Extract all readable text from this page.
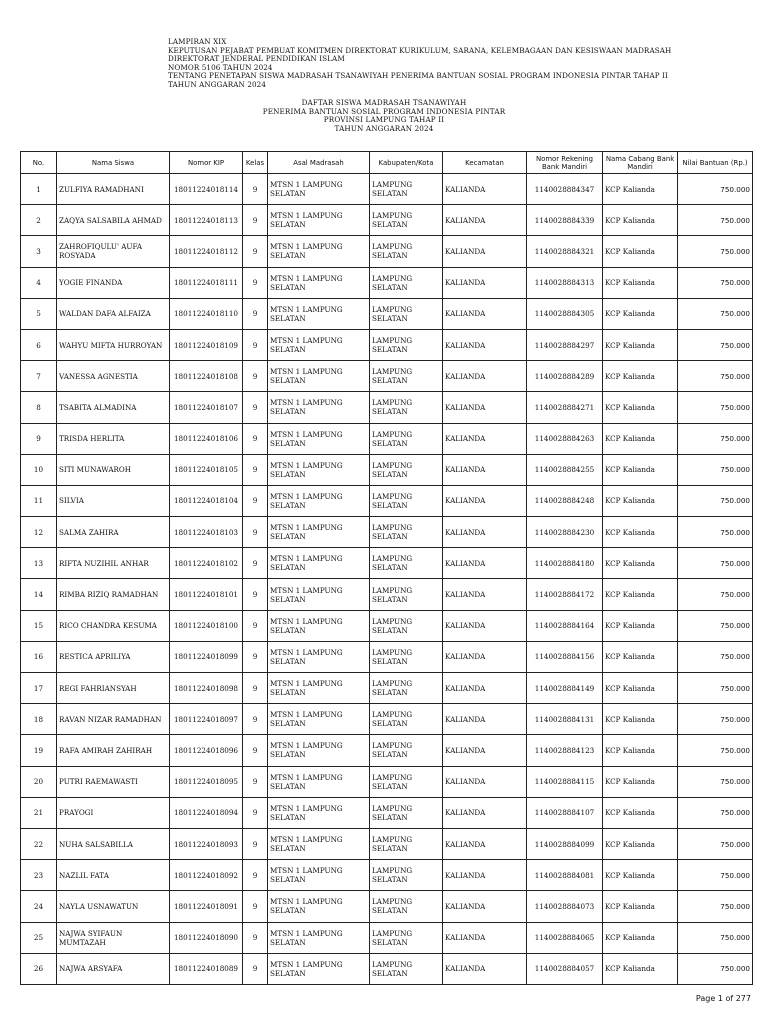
LAMPIRAN XIX
KEPUTUSAN PEJABAT PEMBUAT KOMITMEN DIREKTORAT KURIKULUM, SARANA, KELEMBAGAAN DAN KESISWAAN MADRASAH
DIREKTORAT JENDERAL PENDIDIKAN ISLAM
NOMOR 5106 TAHUN 2024
TENTANG PENETAPAN SISWA MADRASAH TSANAWIYAH PENERIMA BANTUAN SOSIAL PROGRAM INDONESIA PINTAR TAHAP II
TAHUN ANGGARAN 2024
DAFTAR SISWA MADRASAH TSANAWIYAH
PENERIMA BANTUAN SOSIAL PROGRAM INDONESIA PINTAR
PROVINSI LAMPUNG TAHAP II
TAHUN ANGGARAN 2024
No.	Nama Siswa	Nomor KIP	Kelas	Asal Madrasah	Kabupaten/Kota	Kecamatan	Nomor Rekening Bank Mandiri	Nama Cabang Bank Mandiri	Nilai Bantuan (Rp.)
1	ZULFIYA RAMADHANI	18011224018114	9	MTSN 1 LAMPUNG SELATAN	LAMPUNG SELATAN	KALIANDA	1140028884347	KCP Kalianda	750.000
2	ZAQYA SALSABILA AHMAD	18011224018113	9	MTSN 1 LAMPUNG SELATAN	LAMPUNG SELATAN	KALIANDA	1140028884339	KCP Kalianda	750.000
3	ZAHROFIQULU' AUFA ROSYADA	18011224018112	9	MTSN 1 LAMPUNG SELATAN	LAMPUNG SELATAN	KALIANDA	1140028884321	KCP Kalianda	750.000
4	YOGIE FINANDA	18011224018111	9	MTSN 1 LAMPUNG SELATAN	LAMPUNG SELATAN	KALIANDA	1140028884313	KCP Kalianda	750.000
5	WALDAN DAFA ALFAIZA	18011224018110	9	MTSN 1 LAMPUNG SELATAN	LAMPUNG SELATAN	KALIANDA	1140028884305	KCP Kalianda	750.000
6	WAHYU MIFTA HURROYAN	18011224018109	9	MTSN 1 LAMPUNG SELATAN	LAMPUNG SELATAN	KALIANDA	1140028884297	KCP Kalianda	750.000
7	VANESSA AGNESTIA	18011224018108	9	MTSN 1 LAMPUNG SELATAN	LAMPUNG SELATAN	KALIANDA	1140028884289	KCP Kalianda	750.000
8	TSABITA ALMADINA	18011224018107	9	MTSN 1 LAMPUNG SELATAN	LAMPUNG SELATAN	KALIANDA	1140028884271	KCP Kalianda	750.000
9	TRISDA HERLITA	18011224018106	9	MTSN 1 LAMPUNG SELATAN	LAMPUNG SELATAN	KALIANDA	1140028884263	KCP Kalianda	750.000
10	SITI MUNAWAROH	18011224018105	9	MTSN 1 LAMPUNG SELATAN	LAMPUNG SELATAN	KALIANDA	1140028884255	KCP Kalianda	750.000
11	SILVIA	18011224018104	9	MTSN 1 LAMPUNG SELATAN	LAMPUNG SELATAN	KALIANDA	1140028884248	KCP Kalianda	750.000
12	SALMA ZAHIRA	18011224018103	9	MTSN 1 LAMPUNG SELATAN	LAMPUNG SELATAN	KALIANDA	1140028884230	KCP Kalianda	750.000
13	RIFTA NUZIHIL ANHAR	18011224018102	9	MTSN 1 LAMPUNG SELATAN	LAMPUNG SELATAN	KALIANDA	1140028884180	KCP Kalianda	750.000
14	RIMBA RIZIQ RAMADHAN	18011224018101	9	MTSN 1 LAMPUNG SELATAN	LAMPUNG SELATAN	KALIANDA	1140028884172	KCP Kalianda	750.000
15	RICO CHANDRA KESUMA	18011224018100	9	MTSN 1 LAMPUNG SELATAN	LAMPUNG SELATAN	KALIANDA	1140028884164	KCP Kalianda	750.000
16	RESTICA APRILIYA	18011224018099	9	MTSN 1 LAMPUNG SELATAN	LAMPUNG SELATAN	KALIANDA	1140028884156	KCP Kalianda	750.000
17	REGI FAHRIANSYAH	18011224018098	9	MTSN 1 LAMPUNG SELATAN	LAMPUNG SELATAN	KALIANDA	1140028884149	KCP Kalianda	750.000
18	RAVAN NIZAR RAMADHAN	18011224018097	9	MTSN 1 LAMPUNG SELATAN	LAMPUNG SELATAN	KALIANDA	1140028884131	KCP Kalianda	750.000
19	RAFA AMIRAH ZAHIRAH	18011224018096	9	MTSN 1 LAMPUNG SELATAN	LAMPUNG SELATAN	KALIANDA	1140028884123	KCP Kalianda	750.000
20	PUTRI RAEMAWASTI	18011224018095	9	MTSN 1 LAMPUNG SELATAN	LAMPUNG SELATAN	KALIANDA	1140028884115	KCP Kalianda	750.000
21	PRAYOGI	18011224018094	9	MTSN 1 LAMPUNG SELATAN	LAMPUNG SELATAN	KALIANDA	1140028884107	KCP Kalianda	750.000
22	NUHA SALSABILLA	18011224018093	9	MTSN 1 LAMPUNG SELATAN	LAMPUNG SELATAN	KALIANDA	1140028884099	KCP Kalianda	750.000
23	NAZLIL FATA	18011224018092	9	MTSN 1 LAMPUNG SELATAN	LAMPUNG SELATAN	KALIANDA	1140028884081	KCP Kalianda	750.000
24	NAYLA USNAWATUN	18011224018091	9	MTSN 1 LAMPUNG SELATAN	LAMPUNG SELATAN	KALIANDA	1140028884073	KCP Kalianda	750.000
25	NAJWA SYIFAUN MUMTAZAH	18011224018090	9	MTSN 1 LAMPUNG SELATAN	LAMPUNG SELATAN	KALIANDA	1140028884065	KCP Kalianda	750.000
26	NAJWA ARSYAFA	18011224018089	9	MTSN 1 LAMPUNG SELATAN	LAMPUNG SELATAN	KALIANDA	1140028884057	KCP Kalianda	750.000
Page 1 of 277
